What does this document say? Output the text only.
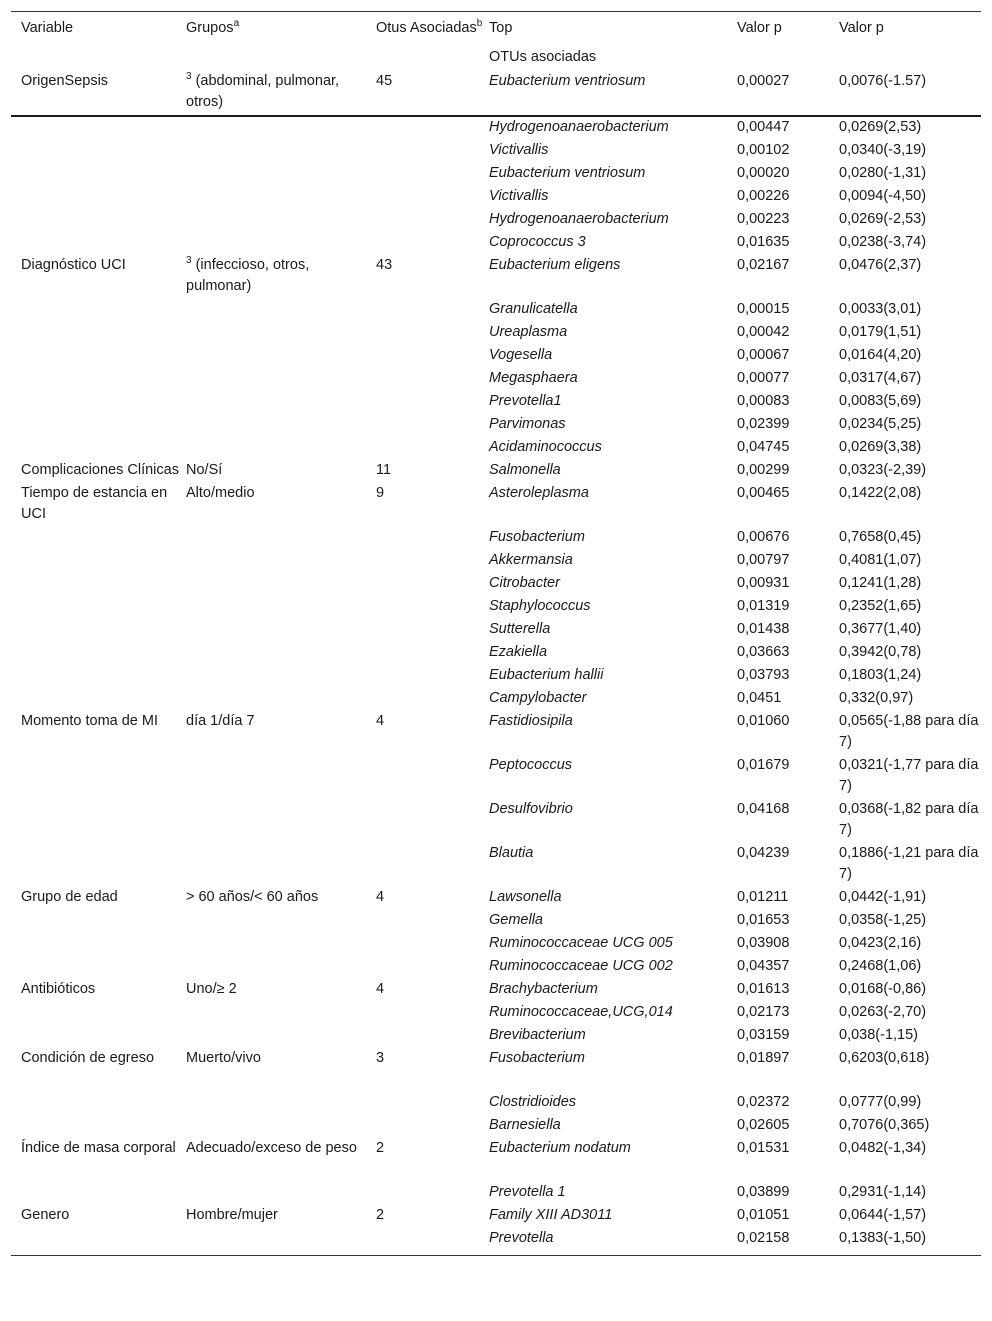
Variable	Grupos$^a$	Otus Asociadas$^b$	Top	Valor p	Valor p
			OTUs asociadas		
OrigenSepsis	$^3$ (abdominal, pulmonar, otros)	45	Eubacterium ventriosum	0,00027	0,0076(-1.57)
			Hydrogenoanaerobacterium	0,00447	0,0269(2,53)
			Victivallis	0,00102	0,0340(-3,19)
			Eubacterium ventriosum	0,00020	0,0280(-1,31)
			Victivallis	0,00226	0,0094(-4,50)
			Hydrogenoanaerobacterium	0,00223	0,0269(-2,53)
			Coprococcus 3	0,01635	0,0238(-3,74)
Diagnóstico UCI	$^3$ (infeccioso, otros, pulmonar)	43	Eubacterium eligens	0,02167	0,0476(2,37)
			Granulicatella	0,00015	0,0033(3,01)
			Ureaplasma	0,00042	0,0179(1,51)
			Vogesella	0,00067	0,0164(4,20)
			Megasphaera	0,00077	0,0317(4,67)
			Prevotella1	0,00083	0,0083(5,69)
			Parvimonas	0,02399	0,0234(5,25)
			Acidaminococcus	0,04745	0,0269(3,38)
Complicaciones Clínicas	No/Sí	11	Salmonella	0,00299	0,0323(-2,39)
Tiempo de estancia en UCI	Alto/medio	9	Asteroleplasma	0,00465	0,1422(2,08)
			Fusobacterium	0,00676	0,7658(0,45)
			Akkermansia	0,00797	0,4081(1,07)
			Citrobacter	0,00931	0,1241(1,28)
			Staphylococcus	0,01319	0,2352(1,65)
			Sutterella	0,01438	0,3677(1,40)
			Ezakiella	0,03663	0,3942(0,78)
			Eubacterium hallii	0,03793	0,1803(1,24)
			Campylobacter	0,0451	0,332(0,97)
Momento toma de MI	día 1/día 7	4	Fastidiosipila	0,01060	0,0565(-1,88 para día 7)
			Peptococcus	0,01679	0,0321(-1,77 para día 7)
			Desulfovibrio	0,04168	0,0368(-1,82 para día 7)
			Blautia	0,04239	0,1886(-1,21 para día 7)
Grupo de edad	> 60 años/< 60 años	4	Lawsonella	0,01211	0,0442(-1,91)
			Gemella	0,01653	0,0358(-1,25)
			Ruminococcaceae UCG 005	0,03908	0,0423(2,16)
			Ruminococcaceae UCG 002	0,04357	0,2468(1,06)
Antibióticos	Uno/≥ 2	4	Brachybacterium	0,01613	0,0168(-0,86)
			Ruminococcaceae,UCG,014	0,02173	0,0263(-2,70)
			Brevibacterium	0,03159	0,038(-1,15)
Condición de egreso	Muerto/vivo	3	Fusobacterium	0,01897	0,6203(0,618)
			Clostridioides	0,02372	0,0777(0,99)
			Barnesiella	0,02605	0,7076(0,365)
Índice de masa corporal	Adecuado/exceso de peso	2	Eubacterium nodatum	0,01531	0,0482(-1,34)
			Prevotella 1	0,03899	0,2931(-1,14)
Genero	Hombre/mujer	2	Family XIII AD3011	0,01051	0,0644(-1,57)
			Prevotella	0,02158	0,1383(-1,50)
